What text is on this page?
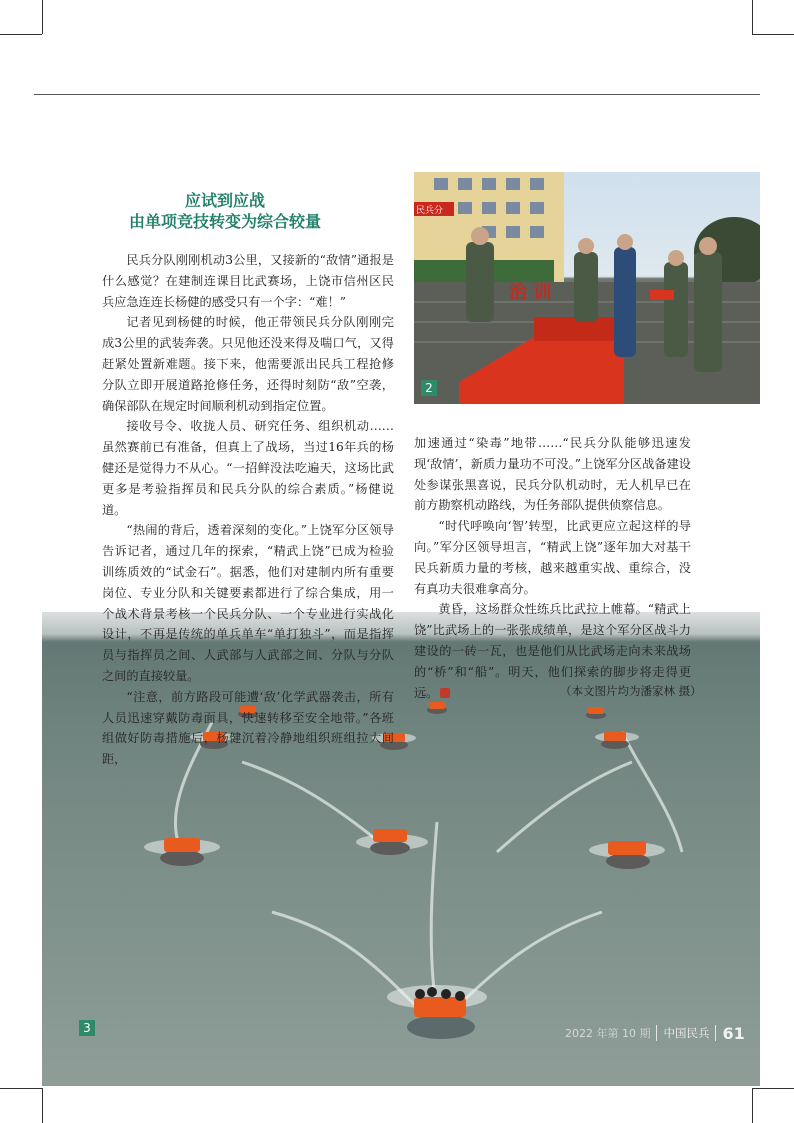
民兵分
治 训
2
3
应试到应战
由单项竞技转变为综合较量

民兵分队刚刚机动3公里，又接新的“敌情”通报是什么感觉？在建制连课目比武赛场，上饶市信州区民兵应急连连长杨健的感受只有一个字：“难！”

记者见到杨健的时候，他正带领民兵分队刚刚完成3公里的武装奔袭。只见他还没来得及喘口气，又得赶紧处置新难题。接下来，他需要派出民兵工程抢修分队立即开展道路抢修任务，还得时刻防“敌”空袭，确保部队在规定时间顺利机动到指定位置。

接收号令、收拢人员、研究任务、组织机动……虽然赛前已有准备，但真上了战场，当过16年兵的杨健还是觉得力不从心。“一招鲜没法吃遍天，这场比武更多是考验指挥员和民兵分队的综合素质。”杨健说道。

“热闹的背后，透着深刻的变化。”上饶军分区领导告诉记者，通过几年的探索，“精武上饶”已成为检验训练质效的“试金石”。据悉，他们对建制内所有重要岗位、专业分队和关键要素都进行了综合集成，用一个战术背景考核一个民兵分队、一个专业进行实战化设计，不再是传统的单兵单车“单打独斗”，而是指挥员与指挥员之间、人武部与人武部之间、分队与分队之间的直接较量。

“注意，前方路段可能遭‘敌’化学武器袭击，所有人员迅速穿戴防毒面具，快速转移至安全地带。”各班组做好防毒措施后，杨健沉着冷静地组织班组拉大间距，

加速通过“染毒”地带……“民兵分队能够迅速发现‘敌情’，新质力量功不可没。”上饶军分区战备建设处参谋张黑喜说，民兵分队机动时，无人机早已在前方勘察机动路线，为任务部队提供侦察信息。

“时代呼唤向‘智’转型，比武更应立起这样的导向。”军分区领导坦言，“精武上饶”逐年加大对基干民兵新质力量的考核，越来越重实战、重综合，没有真功夫很难拿高分。

黄昏，这场群众性练兵比武拉上帷幕。“精武上饶”比武场上的一张张成绩单，是这个军分区战斗力建设的一砖一瓦，也是他们从比武场走向未来战场的“桥”和“船”。明天，他们探索的脚步将走得更远。	（本文图片均为潘家林 摄）
2022 年第 10 期 中国民兵 61
